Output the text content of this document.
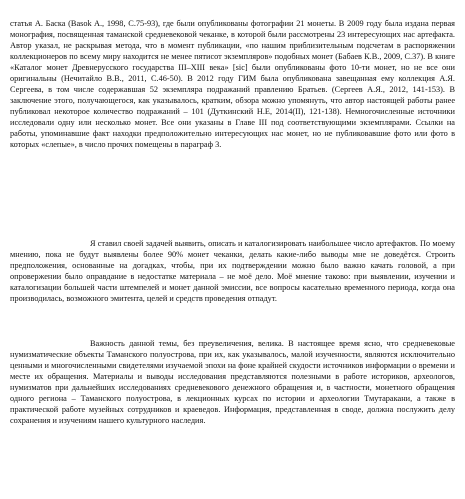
статья А. Баска (Basok A., 1998, С.75-93), где были опубликованы фотографии 21 монеты. В 2009 году была издана первая монография, посвященная таманской средневековой чеканке, в которой были рассмотрены 23 интересующих нас артефакта. Автор указал, не раскрывая метода, что в момент публикации, «по нашим приблизительным подсчетам в распоряжении коллекционеров по всему миру находится не менее пятисот экземпляров» подобных монет (Бабаев К.В., 2009, С.37). В книге «Каталог монет Древнерусского государства III–XIII века» [sic] были опубликованы фото 10-ти монет, но не все они оригинальны (Нечитайло В.В., 2011, С.46-50). В 2012 году ГИМ была опубликована завещанная ему коллекция А.Я. Сергеева, в том числе содержавшая 52 экземпляра подражаний правлению Братьев. (Сергеев А.Я., 2012, 141-153). В заключение этого, получающегося, как указывалось, кратким, обзора можно упомянуть, что автор настоящей работы ранее публиковал некоторое количество подражаний – 101 (Дуткинский Н.Е, 2014(II), 121-138). Немногочисленные источники исследовали одну или несколько монет. Все они указаны в Главе III под соответствующими экземплярами. Ссылки на работы, упоминавшие факт находки предположительно интересующих нас монет, но не публиковавшие фото или фото в которых «слепые», в число прочих помещены в параграф 3.

Я ставил своей задачей выявить, описать и каталогизировать наибольшее число артефактов. По моему мнению, пока не будут выявлены более 90% монет чеканки, делать какие-либо выводы мне не доведётся. Строить предположения, основанные на догадках, чтобы, при их подтверждении можно было важно качать головой, а при опровержении было оправдание в недостатке материала – не моё дело. Моё мнение таково: при выявлении, изучении и каталогизации большей части штемпелей и монет данной эмиссии, все вопросы касательно временного периода, когда она производилась, возможного эмитента, целей и средств проведения отпадут.

Важность данной темы, без преувеличения, велика. В настоящее время ясно, что средневековые нумизматические объекты Таманского полуострова, при их, как указывалось, малой изученности, являются исключительно ценными и многочисленными свидетелями изучаемой эпохи на фоне крайней скудости источников информации о времени и месте их обращения. Материалы и выводы исследования представляются полезными в работе историков, археологов, нумизматов при дальнейших исследованиях средневекового денежного обращения и, в частности, монетного обращения одного региона – Таманского полуострова, в лекционных курсах по истории и археологии Тмутаракани, а также в практической работе музейных сотрудников и краеведов. Информация, представленная в своде, должна послужить делу сохранения и изучениям нашего культурного наследия.
